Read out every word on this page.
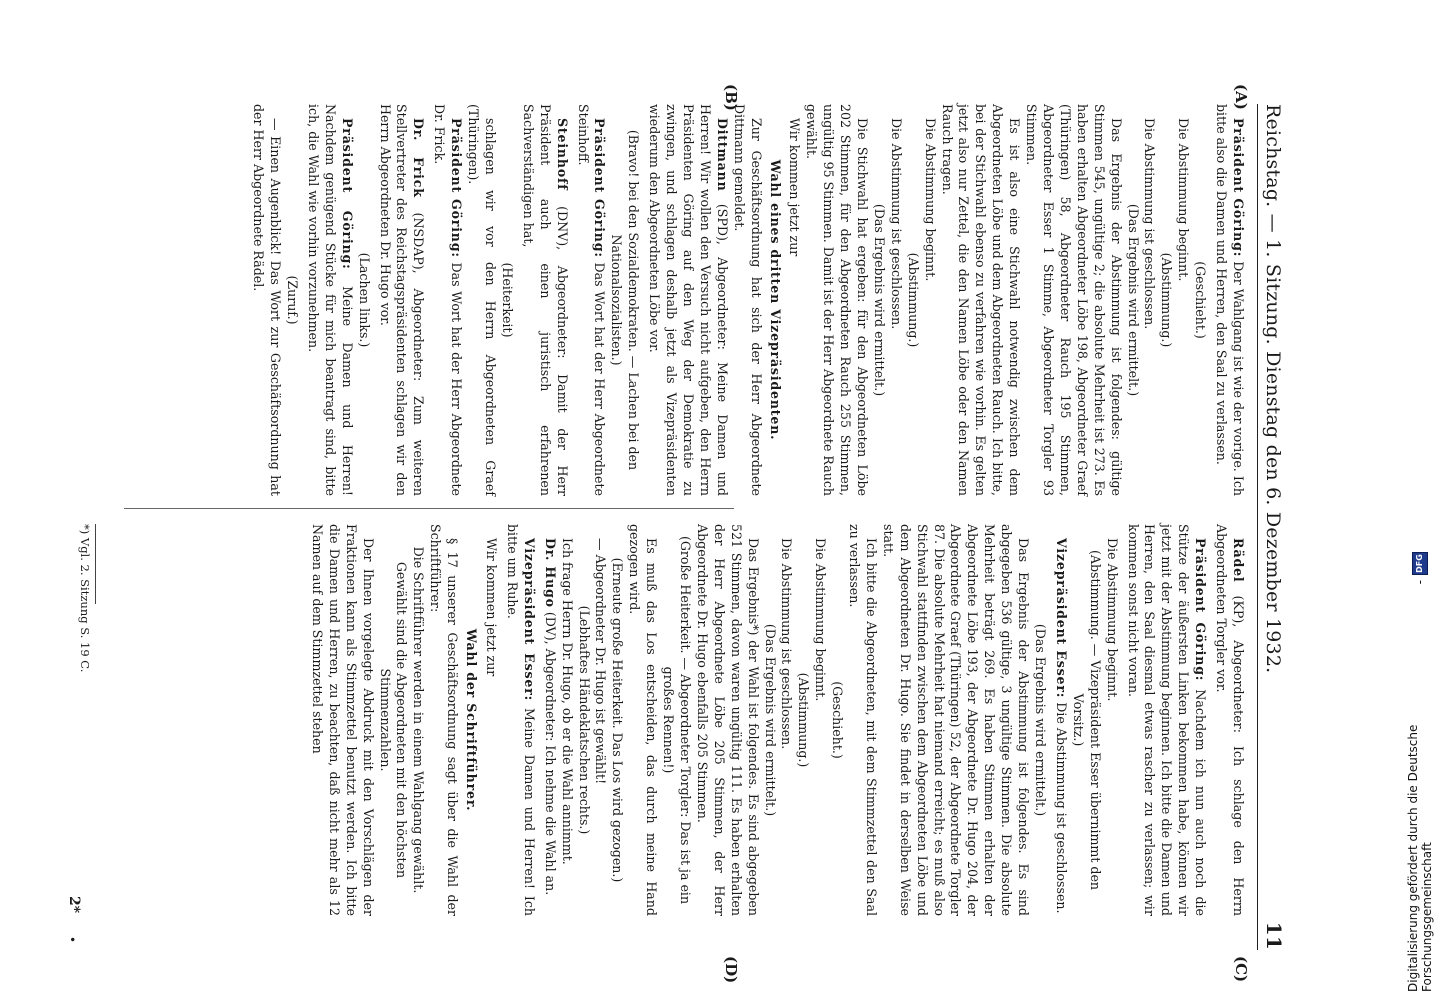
Reichstag. — 1. Sitzung. Dienstag den 6. Dezember 1932.
11
(A)
(B)
(C)
(D)

Präsident Göring: Der Wahlgang ist wie der vorige. Ich bitte also die Damen und Herren, den Saal zu verlassen.

(Geschieht.)

Die Abstimmung beginnt.

(Abstimmung.)

Die Abstimmung ist geschlossen.

(Das Ergebnis wird ermittelt.)

Das Ergebnis der Abstimmung ist folgendes: gültige Stimmen 545, ungültige 2; die absolute Mehrheit ist 273. Es haben erhalten Abgeordneter Löbe 198, Abgeordneter Graef (Thüringen) 58, Abgeordneter Rauch 195 Stimmen, Abgeordneter Esser 1 Stimme, Abgeordneter Torgler 93 Stimmen.

Es ist also eine Stichwahl notwendig zwischen dem Abgeordneten Löbe und dem Abgeordneten Rauch. Ich bitte, bei der Stichwahl ebenso zu verfahren wie vorhin. Es gelten jetzt also nur Zettel, die den Namen Löbe oder den Namen Rauch tragen.

Die Abstimmung beginnt.

(Abstimmung.)

Die Abstimmung ist geschlossen.

(Das Ergebnis wird ermittelt.)

Die Stichwahl hat ergeben: für den Abgeordneten Löbe 202 Stimmen, für den Abgeordneten Rauch 255 Stimmen, ungültig 95 Stimmen. Damit ist der Herr Abgeordnete Rauch gewählt.

Wir kommen jetzt zur

Wahl eines dritten Vizepräsidenten.

Zur Geschäftsordnung hat sich der Herr Abgeordnete Dittmann gemeldet.

Dittmann (SPD), Abgeordneter: Meine Damen und Herren! Wir wollen den Versuch nicht aufgeben, den Herrn Präsidenten Göring auf den Weg der Demokratie zu zwingen, und schlagen deshalb jetzt als Vizepräsidenten wiederum den Abgeordneten Löbe vor.

(Bravo! bei den Sozialdemokraten. — Lachen bei den Nationalsozialisten.)

Präsident Göring: Das Wort hat der Herr Abgeordnete Steinhoff.

Steinhoff (DNV), Abgeordneter: Damit der Herr Präsident auch einen juristisch erfahrenen Sachverständigen hat,

(Heiterkeit)

schlagen wir vor den Herrn Abgeordneten Graef (Thüringen).

Präsident Göring: Das Wort hat der Herr Abgeordnete Dr. Frick.

Dr. Frick (NSDAP), Abgeordneter: Zum weiteren Stellvertreter des Reichstagspräsidenten schlagen wir den Herrn Abgeordneten Dr. Hugo vor.

(Lachen links.)

Präsident Göring: Meine Damen und Herren! Nachdem genügend Stücke für mich beantragt sind, bitte ich, die Wahl wie vorhin vorzunehmen.

(Zuruf.)

— Einen Augenblick! Das Wort zur Geschäftsordnung hat der Herr Abgeordnete Rädel.

Rädel (KP), Abgeordneter: Ich schlage den Herrn Abgeordneten Torgler vor.

Präsident Göring: Nachdem ich nun auch noch die Stütze der äußersten Linken bekommen habe, können wir jetzt mit der Abstimmung beginnen. Ich bitte die Damen und Herren, den Saal diesmal etwas rascher zu verlassen; wir kommen sonst nicht voran.

Die Abstimmung beginnt.

(Abstimmung. — Vizepräsident Esser übernimmt den Vorsitz.)

Vizepräsident Esser: Die Abstimmung ist geschlossen.

(Das Ergebnis wird ermittelt.)

Das Ergebnis der Abstimmung ist folgendes. Es sind abgegeben 536 gültige, 3 ungültige Stimmen. Die absolute Mehrheit beträgt 269. Es haben Stimmen erhalten der Abgeordnete Löbe 193, der Abgeordnete Dr. Hugo 204, der Abgeordnete Graef (Thüringen) 52, der Abgeordnete Torgler 87. Die absolute Mehrheit hat niemand erreicht; es muß also Stichwahl stattfinden zwischen dem Abgeordneten Löbe und dem Abgeordneten Dr. Hugo. Sie findet in derselben Weise statt.

Ich bitte die Abgeordneten, mit dem Stimmzettel den Saal zu verlassen.

(Geschieht.)

Die Abstimmung beginnt.

(Abstimmung.)

Die Abstimmung ist geschlossen.

(Das Ergebnis wird ermittelt.)

Das Ergebnis*) der Wahl ist folgendes. Es sind abgegeben 521 Stimmen, davon waren ungültig 111. Es haben erhalten der Herr Abgeordnete Löbe 205 Stimmen, der Herr Abgeordnete Dr. Hugo ebenfalls 205 Stimmen.

(Große Heiterkeit. — Abgeordneter Torgler: Das ist ja ein großes Rennen!)

Es muß das Los entscheiden, das durch meine Hand gezogen wird.

(Erneute große Heiterkeit. Das Los wird gezogen.)

— Abgeordneter Dr. Hugo ist gewählt!

(Lebhaftes Händeklatschen rechts.)

Ich frage Herrn Dr. Hugo, ob er die Wahl annimmt.

Dr. Hugo (DV), Abgeordneter: Ich nehme die Wahl an.

Vizepräsident Esser: Meine Damen und Herren! Ich bitte um Ruhe.

Wir kommen jetzt zur

Wahl der Schriftführer.

§ 17 unserer Geschäftsordnung sagt über die Wahl der Schriftführer:

Die Schriftführer werden in einem Wahlgang gewählt. Gewählt sind die Abgeordneten mit den höchsten Stimmenzahlen.

Der Ihnen vorgelegte Abdruck mit den Vorschlägen der Fraktionen kann als Stimmzettel benutzt werden. Ich bitte die Damen und Herren, zu beachten, daß nicht mehr als 12 Namen auf dem Stimmzettel stehen

*) Vgl. 2. Sitzung S. 19 C.
2*
•	Digitalisierung gefördert durch die Deutsche Forschungsgemeinschaft
-
DFG
